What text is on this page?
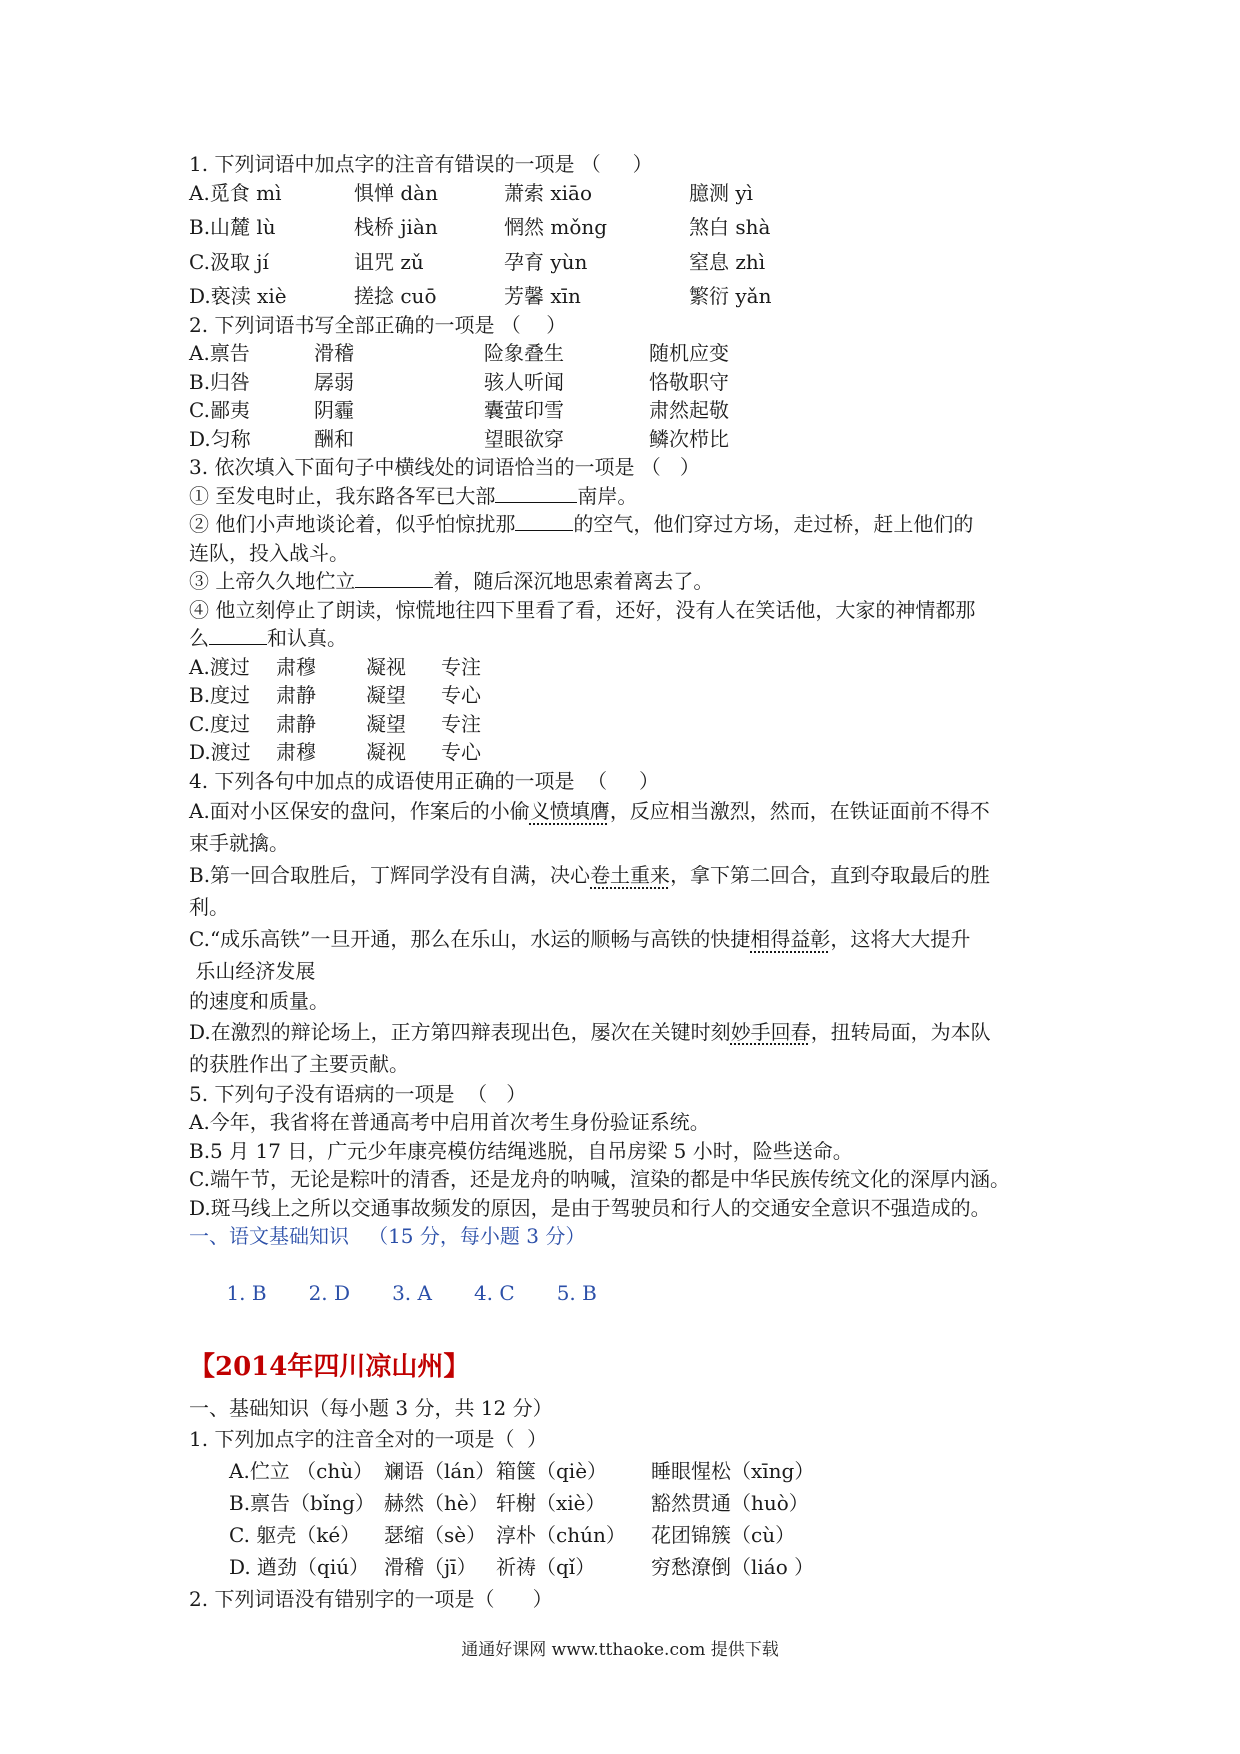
1. 下列词语中加点字的注音有错误的一项是 （     ）

A.觅食 mì	惧惮 dàn	萧索 xiāo	臆测 yì
B.山麓 lù	栈桥 jiàn	惘然 mǒng	煞白 shà
C.汲取 jí	诅咒 zǔ	孕育 yùn	窒息 zhì
D.亵渎 xiè	搓捻 cuō	芳馨 xīn	繁衍 yǎn

2. 下列词语书写全部正确的一项是 （    ）

A.禀告	滑稽	险象叠生	随机应变
B.归咎	孱弱	骇人听闻	恪敬职守
C.鄙夷	阴霾	囊萤印雪	肃然起敬
D.匀称	酬和	望眼欲穿	鳞次栉比

3. 依次填入下面句子中横线处的词语恰当的一项是 （   ）

① 至发电时止，我东路各军已大部	南岸。

② 他们小声地谈论着，似乎怕惊扰那	的空气，他们穿过方场，走过桥，赶上他们的

连队，投入战斗。

③ 上帝久久地伫立	着，随后深沉地思索着离去了。

④ 他立刻停止了朗读，惊慌地往四下里看了看，还好，没有人在笑话他，大家的神情都那

么	和认真。

A.渡过	肃穆	凝视	专注
B.度过	肃静	凝望	专心
C.度过	肃静	凝望	专注
D.渡过	肃穆	凝视	专心

4. 下列各句中加点的成语使用正确的一项是  （     ）

A.面对小区保安的盘问，作案后的小偷义愤填膺，反应相当激烈，然而，在铁证面前不得不

束手就擒。

B.第一回合取胜后，丁辉同学没有自满，决心卷土重来，拿下第二回合，直到夺取最后的胜

利。

C.“成乐高铁”一旦开通，那么在乐山，水运的顺畅与高铁的快捷相得益彰，这将大大提升

乐山经济发展

的速度和质量。

D.在激烈的辩论场上，正方第四辩表现出色，屡次在关键时刻妙手回春，扭转局面，为本队

的获胜作出了主要贡献。

5. 下列句子没有语病的一项是  （   ）

A.今年，我省将在普通高考中启用首次考生身份验证系统。

B.5 月 17 日，广元少年康亮模仿结绳逃脱，自吊房梁 5 小时，险些送命。

C.端午节，无论是粽叶的清香，还是龙舟的呐喊，渲染的都是中华民族传统文化的深厚内涵。

D.斑马线上之所以交通事故频发的原因，是由于驾驶员和行人的交通安全意识不强造成的。

一、语文基础知识   （15 分，每小题 3 分）

1. B 2. D 3. A 4. C 5. B

【2014年四川凉山州】

一、基础知识（每小题 3 分，共 12 分）

1. 下列加点字的注音全对的一项是（  ）

A.伫立 （chù） 斓语（lán） 箱箧（qiè）	睡眼惺松（xīng）
B.禀告（bǐng） 赫然（hè） 轩榭（xiè）	豁然贯通（huò）
C. 躯壳（ké）	瑟缩（sè） 淳朴（chún）	花团锦簇（cù）
D. 遒劲（qiú） 滑稽（jī） 祈祷（qǐ）	穷愁潦倒（liáo ）

2. 下列词语没有错别字的一项是（      ）

通通好课网 www.tthaoke.com 提供下载
